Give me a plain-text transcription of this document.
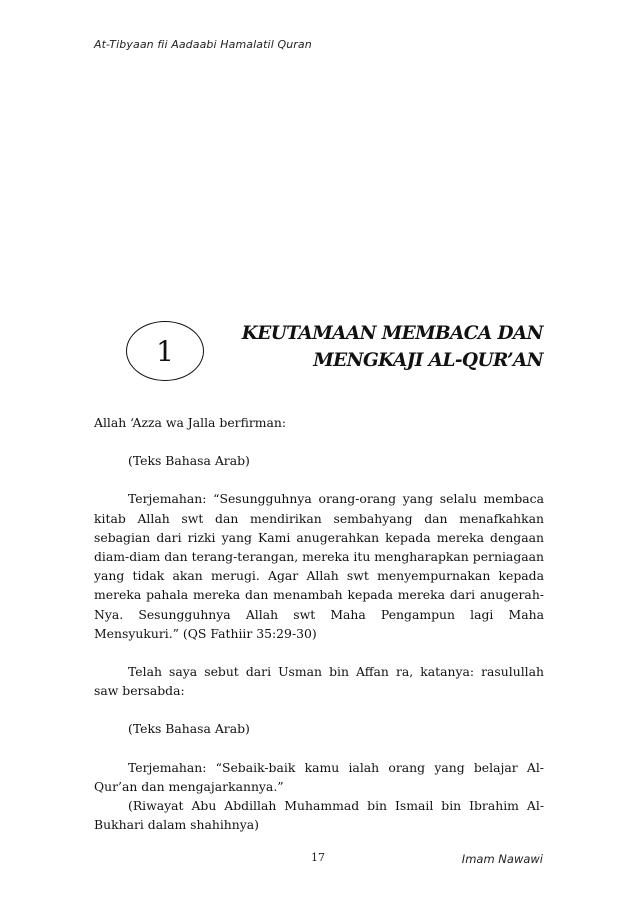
At-Tibyaan fii Aadaabi Hamalatil Quran
1
KEUTAMAAN MEMBACA DAN
MENGKAJI AL-QUR’AN

Allah ‘Azza wa Jalla berfirman:

(Teks Bahasa Arab)

Terjemahan: “Sesungguhnya orang-orang yang selalu membaca kitab Allah swt dan mendirikan sembahyang dan menafkahkan sebagian dari rizki yang Kami anugerahkan kepada mereka dengaan diam-diam dan terang-terangan, mereka itu mengharapkan perniagaan yang tidak akan merugi. Agar Allah swt menyempurnakan kepada mereka pahala mereka dan menambah kepada mereka dari anugerah-Nya. Sesungguhnya Allah swt Maha Pengampun lagi Maha Mensyukuri.” (QS Fathiir 35:29-30)

Telah saya sebut dari Usman bin Affan ra, katanya: rasulullah saw bersabda:

(Teks Bahasa Arab)

Terjemahan: “Sebaik-baik kamu ialah orang yang belajar Al-Qur’an dan mengajarkannya.”

(Riwayat Abu Abdillah Muhammad bin Ismail bin Ibrahim Al-Bukhari dalam shahihnya)

17	Imam Nawawi
